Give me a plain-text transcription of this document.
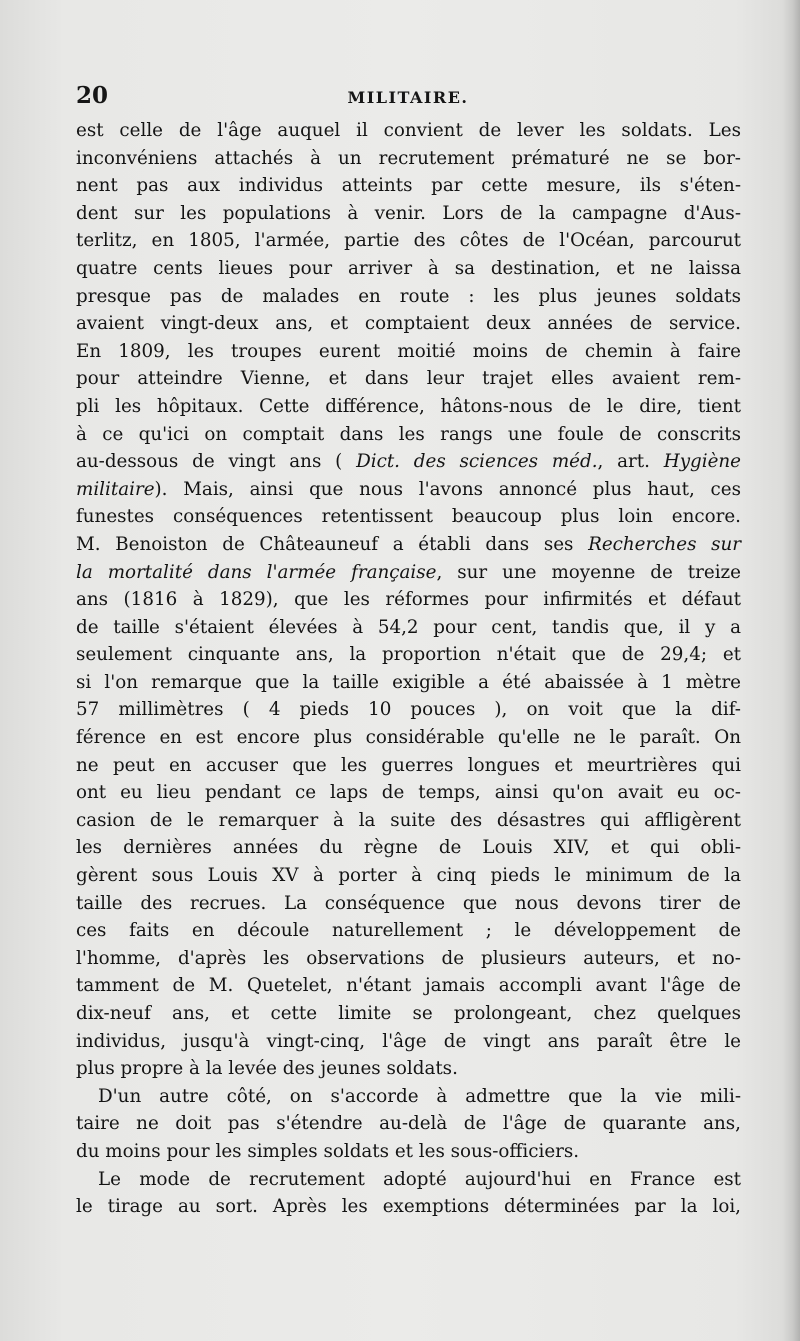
20	MILITAIRE.
est celle de l'âge auquel il convient de lever les soldats. Les
inconvéniens attachés à un recrutement prématuré ne se bor-
nent pas aux individus atteints par cette mesure, ils s'éten-
dent sur les populations à venir. Lors de la campagne d'Aus-
terlitz, en 1805, l'armée, partie des côtes de l'Océan, parcourut
quatre cents lieues pour arriver à sa destination, et ne laissa
presque pas de malades en route : les plus jeunes soldats
avaient vingt-deux ans, et comptaient deux années de service.
En 1809, les troupes eurent moitié moins de chemin à faire
pour atteindre Vienne, et dans leur trajet elles avaient rem-
pli les hôpitaux. Cette différence, hâtons-nous de le dire, tient
à ce qu'ici on comptait dans les rangs une foule de conscrits
au-dessous de vingt ans ( Dict. des sciences méd., art. Hygiène
militaire). Mais, ainsi que nous l'avons annoncé plus haut, ces
funestes conséquences retentissent beaucoup plus loin encore.
M. Benoiston de Châteauneuf a établi dans ses Recherches sur
la mortalité dans l'armée française, sur une moyenne de treize
ans (1816 à 1829), que les réformes pour infirmités et défaut
de taille s'étaient élevées à 54,2 pour cent, tandis que, il y a
seulement cinquante ans, la proportion n'était que de 29,4; et
si l'on remarque que la taille exigible a été abaissée à 1 mètre
57 millimètres ( 4 pieds 10 pouces ), on voit que la dif-
férence en est encore plus considérable qu'elle ne le paraît. On
ne peut en accuser que les guerres longues et meurtrières qui
ont eu lieu pendant ce laps de temps, ainsi qu'on avait eu oc-
casion de le remarquer à la suite des désastres qui affligèrent
les dernières années du règne de Louis XIV, et qui obli-
gèrent sous Louis XV à porter à cinq pieds le minimum de la
taille des recrues. La conséquence que nous devons tirer de
ces faits en découle naturellement ; le développement de
l'homme, d'après les observations de plusieurs auteurs, et no-
tamment de M. Quetelet, n'étant jamais accompli avant l'âge de
dix-neuf ans, et cette limite se prolongeant, chez quelques
individus, jusqu'à vingt-cinq, l'âge de vingt ans paraît être le
plus propre à la levée des jeunes soldats.
D'un autre côté, on s'accorde à admettre que la vie mili-
taire ne doit pas s'étendre au-delà de l'âge de quarante ans,
du moins pour les simples soldats et les sous-officiers.
Le mode de recrutement adopté aujourd'hui en France est
le tirage au sort. Après les exemptions déterminées par la loi,
